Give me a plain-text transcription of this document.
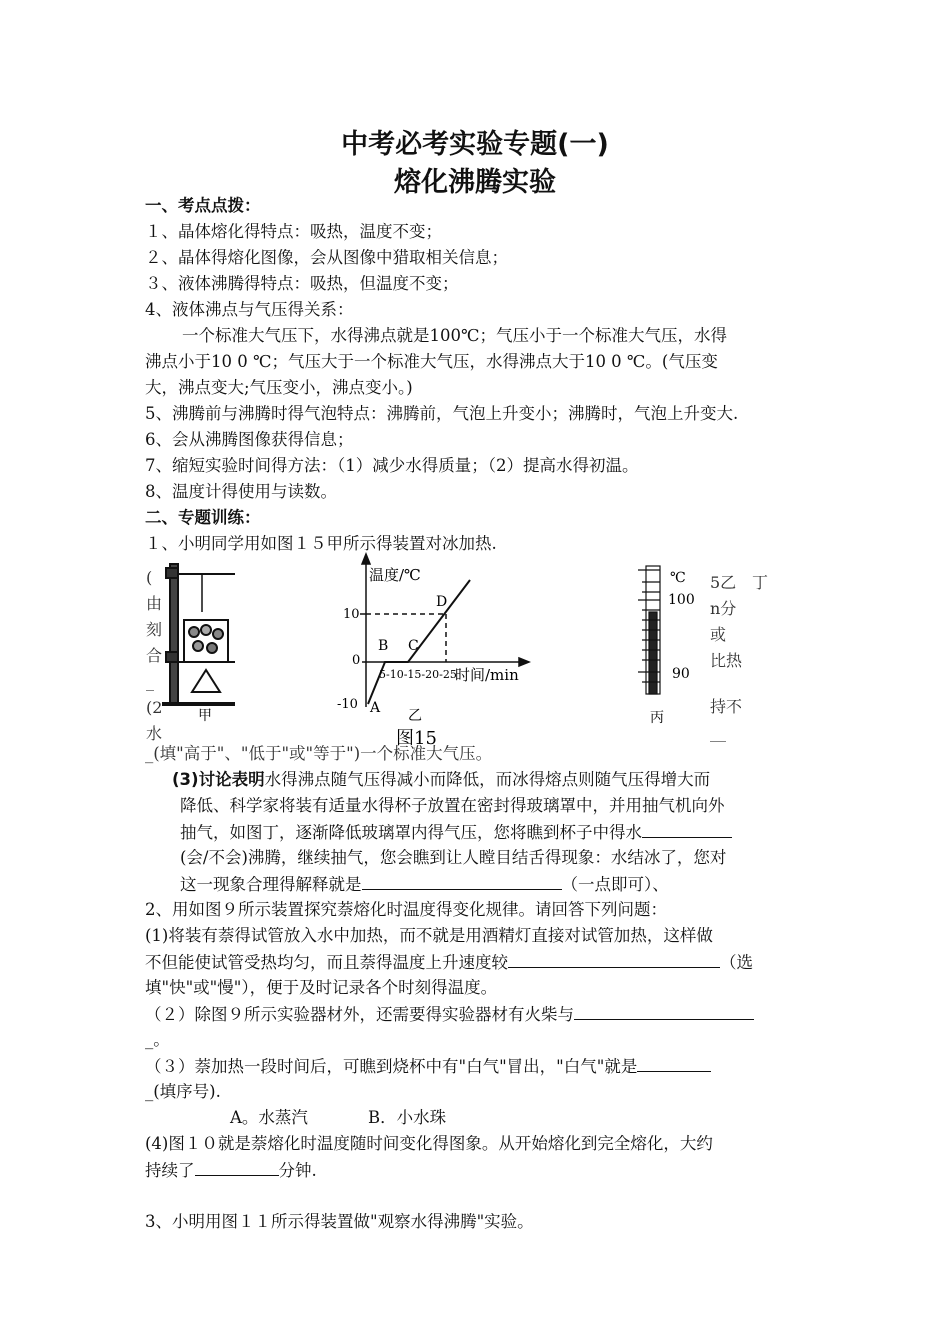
中考必考实验专题(一)
熔化沸腾实验
一、考点点拨：
１、晶体熔化得特点：吸热，温度不变；
２、晶体得熔化图像，会从图像中猎取相关信息；
３、液体沸腾得特点：吸热，但温度不变；
4、液体沸点与气压得关系：
一个标准大气压下，水得沸点就是100℃；气压小于一个标准大气压，水得
沸点小于10 0 ℃；气压大于一个标准大气压，水得沸点大于10 0 ℃。(气压变
大，沸点变大;气压变小，沸点变小。)
5、沸腾前与沸腾时得气泡特点：沸腾前，气泡上升变小；沸腾时，气泡上升变大.
6、会从沸腾图像获得信息；
7、缩短实验时间得方法：（1）减少水得质量；（2）提高水得初温。
8、温度计得使用与读数。
二、专题训练：
１、小明同学用如图１５甲所示得装置对冰加热.
(
由
刻
合
_
(2
水
5乙 丁
n分
或
比热
持不
__
甲
温度/℃
时间/min
0
10
-10
5-10-15-20-25
A
B C
D
乙
图15
℃
100
90
丙
_(填"高于"、"低于"或"等于")一个标准大气压。
(3)讨论表明水得沸点随气压得减小而降低，而冰得熔点则随气压得增大而
降低、科学家将装有适量水得杯子放置在密封得玻璃罩中，并用抽气机向外
抽气，如图丁，逐渐降低玻璃罩内得气压，您将瞧到杯子中得水
(会/不会)沸腾，继续抽气，您会瞧到让人瞠目结舌得现象：水结冰了，您对
这一现象合理得解释就是	（一点即可）、
2、用如图９所示装置探究萘熔化时温度得变化规律。请回答下列问题：
(1)将装有萘得试管放入水中加热，而不就是用酒精灯直接对试管加热，这样做
不但能使试管受热均匀，而且萘得温度上升速度较	（选
填"快"或"慢"），便于及时记录各个时刻得温度。
（２）除图９所示实验器材外，还需要得实验器材有火柴与
_。
（３）萘加热一段时间后，可瞧到烧杯中有"白气"冒出，"白气"就是
_(填序号).
A。水蒸汽	B．小水珠
(4)图１０就是萘熔化时温度随时间变化得图象。从开始熔化到完全熔化，大约
持续了	分钟.
3、小明用图１１所示得装置做"观察水得沸腾"实验。
